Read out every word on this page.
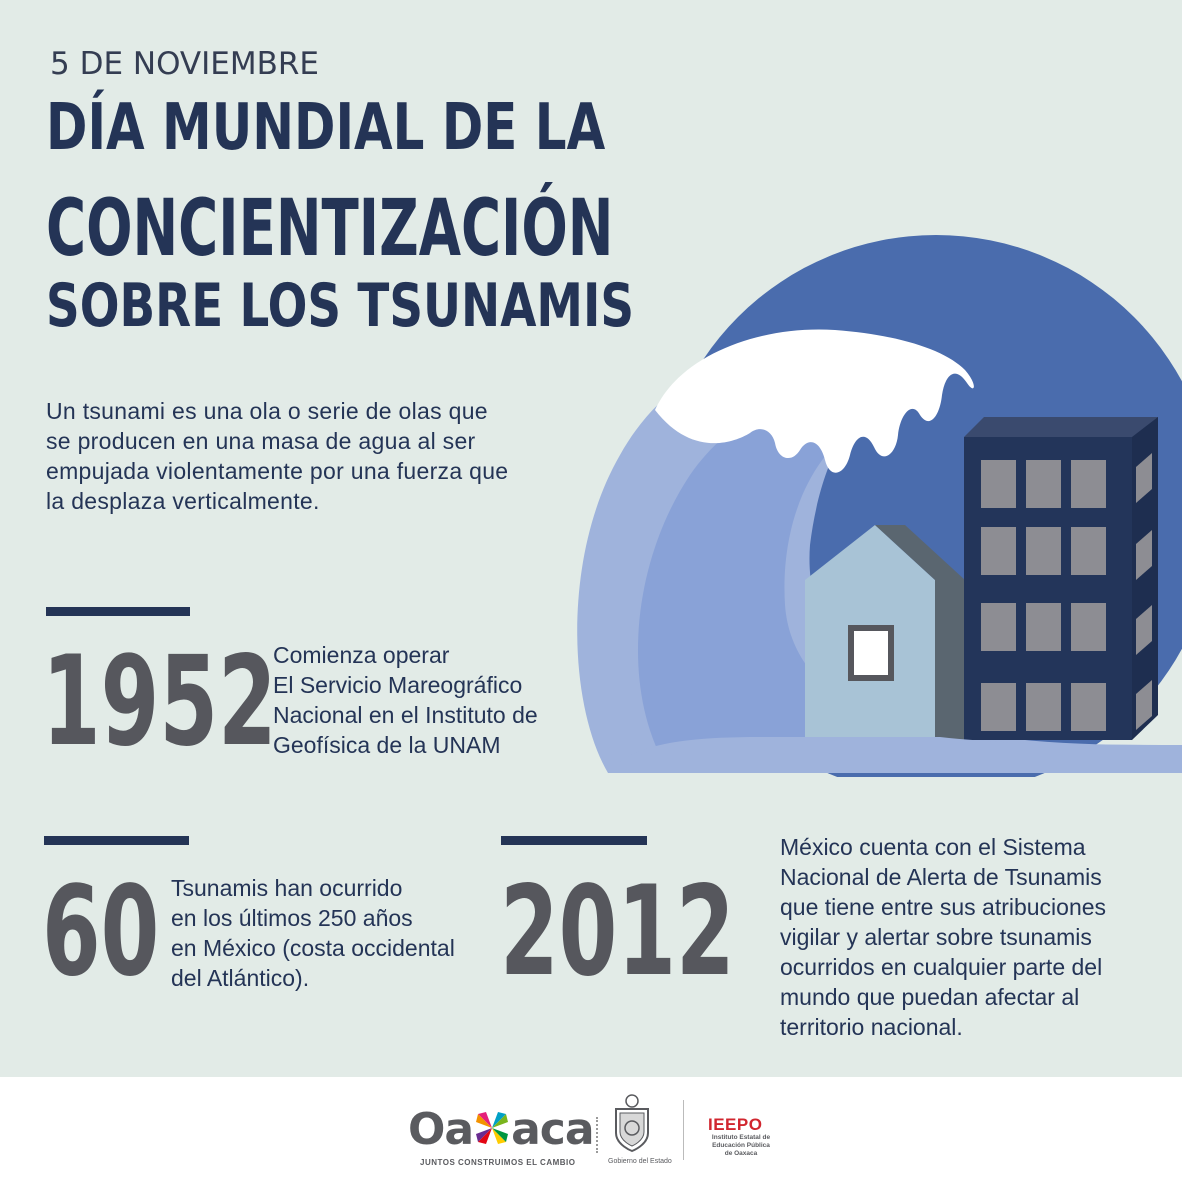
5 DE NOVIEMBRE
DÍA MUNDIAL DE LA
CONCIENTIZACIÓN
SOBRE LOS TSUNAMIS

Un tsunami es una ola o serie de olas que se producen en una masa de agua al ser empujada violentamente por una fuerza que la desplaza verticalmente.

1952
Comienza operar
El Servicio Mareográfico
Nacional en el Instituto de
Geofísica de la UNAM
60 Tsunamis han ocurrido
en los últimos 250 años
en México (costa occidental
del Atlántico).	2012
México cuenta con el Sistema
Nacional de Alerta de Tsunamis
que tiene entre sus atribuciones
vigilar y alertar sobre tsunamis
ocurridos en cualquier parte del
mundo que puedan afectar al
territorio nacional.
Oa aca
JUNTOS CONSTRUIMOS EL CAMBIO	Gobierno del Estado
IEEPO
Instituto Estatal de
Educación Pública
de Oaxaca
